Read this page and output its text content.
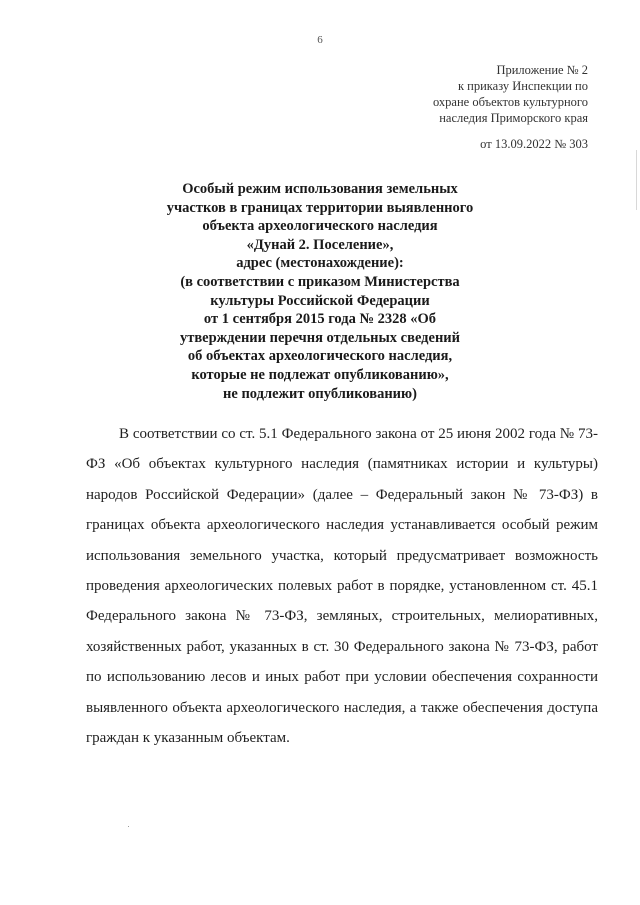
6
Приложение № 2
к приказу Инспекции по
охране объектов культурного
наследия Приморского края
от 13.09.2022 № 303
Особый режим использования земельных
участков в границах территории выявленного
объекта археологического наследия
«Дунай 2. Поселение»,
адрес (местонахождение):
(в соответствии с приказом Министерства
культуры Российской Федерации
от 1 сентября 2015 года № 2328 «Об
утверждении перечня отдельных сведений
об объектах археологического наследия,
которые не подлежат опубликованию»,
не подлежит опубликованию)
В соответствии со ст. 5.1 Федерального закона от 25 июня 2002 года № 73-
ФЗ «Об объектах культурного наследия (памятниках истории и культуры)
народов Российской Федерации» (далее – Федеральный закон № 73-ФЗ) в
границах объекта археологического наследия устанавливается особый режим
использования земельного участка, который предусматривает возможность
проведения археологических полевых работ в порядке, установленном ст. 45.1
Федерального закона № 73-ФЗ, земляных, строительных, мелиоративных,
хозяйственных работ, указанных в ст. 30 Федерального закона № 73-ФЗ, работ
по использованию лесов и иных работ при условии обеспечения сохранности
выявленного объекта археологического наследия, а также обеспечения доступа
граждан к указанным объектам.
